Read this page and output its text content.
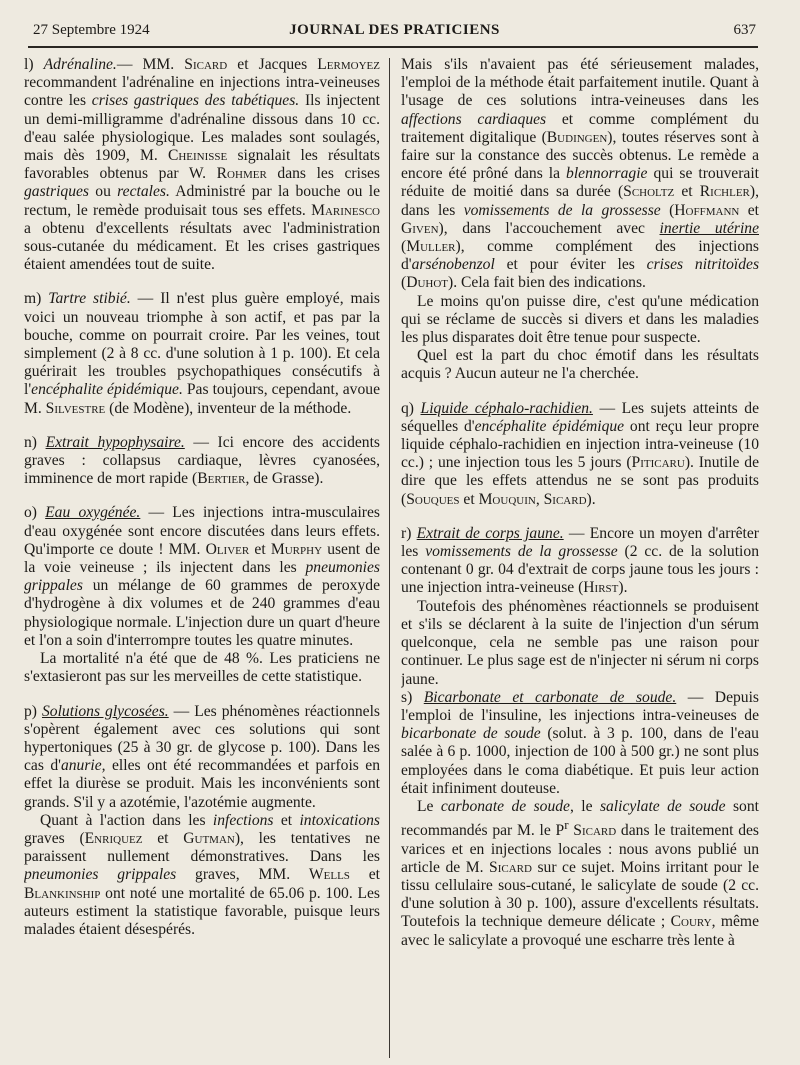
27 Septembre 1924	JOURNAL DES PRATICIENS	637

l) Adrénaline.— MM. Sicard et Jacques Lermoyez recommandent l'adrénaline en injections intra-veineuses contre les crises gastriques des tabétiques. Ils injectent un demi-milligramme d'adrénaline dissous dans 10 cc. d'eau salée physiologique. Les malades sont soulagés, mais dès 1909, M. Cheinisse signalait les résultats favorables obtenus par W. Rohmer dans les crises gastriques ou rectales. Administré par la bouche ou le rectum, le remède produisait tous ses effets. Marinesco a obtenu d'excellents résultats avec l'administration sous-cutanée du médicament. Et les crises gastriques étaient amendées tout de suite.

m) Tartre stibié. — Il n'est plus guère employé, mais voici un nouveau triomphe à son actif, et pas par la bouche, comme on pourrait croire. Par les veines, tout simplement (2 à 8 cc. d'une solution à 1 p. 100). Et cela guérirait les troubles psychopathiques consécutifs à l'encéphalite épidémique. Pas toujours, cependant, avoue M. Silvestre (de Modène), inventeur de la méthode.

n) Extrait hypophysaire. — Ici encore des accidents graves : collapsus cardiaque, lèvres cyanosées, imminence de mort rapide (Bertier, de Grasse).

o) Eau oxygénée. — Les injections intra-musculaires d'eau oxygénée sont encore discutées dans leurs effets. Qu'importe ce doute ! MM. Oliver et Murphy usent de la voie veineuse ; ils injectent dans les pneumonies grippales un mélange de 60 grammes de peroxyde d'hydrogène à dix volumes et de 240 grammes d'eau physiologique normale. L'injection dure un quart d'heure et l'on a soin d'interrompre toutes les quatre minutes.

La mortalité n'a été que de 48 %. Les praticiens ne s'extasieront pas sur les merveilles de cette statistique.

p) Solutions glycosées. — Les phénomènes réactionnels s'opèrent également avec ces solutions qui sont hypertoniques (25 à 30 gr. de glycose p. 100). Dans les cas d'anurie, elles ont été recommandées et parfois en effet la diurèse se produit. Mais les inconvénients sont grands. S'il y a azotémie, l'azotémie augmente.

Quant à l'action dans les infections et intoxications graves (Enriquez et Gutman), les tentatives ne paraissent nullement démonstratives. Dans les pneumonies grippales graves, MM. Wells et Blankinship ont noté une mortalité de 65.06 p. 100. Les auteurs estiment la statistique favorable, puisque leurs malades étaient désespérés.

Mais s'ils n'avaient pas été sérieusement malades, l'emploi de la méthode était parfaitement inutile. Quant à l'usage de ces solutions intra-veineuses dans les affections cardiaques et comme complément du traitement digitalique (Budingen), toutes réserves sont à faire sur la constance des succès obtenus. Le remède a encore été prôné dans la blennorragie qui se trouverait réduite de moitié dans sa durée (Scholtz et Richler), dans les vomissements de la grossesse (Hoffmann et Given), dans l'accouchement avec inertie utérine (Muller), comme complément des injections d'arsénobenzol et pour éviter les crises nitritoïdes (Duhot). Cela fait bien des indications.

Le moins qu'on puisse dire, c'est qu'une médication qui se réclame de succès si divers et dans les maladies les plus disparates doit être tenue pour suspecte.

Quel est la part du choc émotif dans les résultats acquis ? Aucun auteur ne l'a cherchée.

q) Liquide céphalo-rachidien. — Les sujets atteints de séquelles d'encéphalite épidémique ont reçu leur propre liquide céphalo-rachidien en injection intra-veineuse (10 cc.) ; une injection tous les 5 jours (Piticaru). Inutile de dire que les effets attendus ne se sont pas produits (Souques et Mouquin, Sicard).

r) Extrait de corps jaune. — Encore un moyen d'arrêter les vomissements de la grossesse (2 cc. de la solution contenant 0 gr. 04 d'extrait de corps jaune tous les jours : une injection intra-veineuse (Hirst).

Toutefois des phénomènes réactionnels se produisent et s'ils se déclarent à la suite de l'injection d'un sérum quelconque, cela ne semble pas une raison pour continuer. Le plus sage est de n'injecter ni sérum ni corps jaune.

s) Bicarbonate et carbonate de soude. — Depuis l'emploi de l'insuline, les injections intra-veineuses de bicarbonate de soude (solut. à 3 p. 100, dans de l'eau salée à 6 p. 1000, injection de 100 à 500 gr.) ne sont plus employées dans le coma diabétique. Et puis leur action était infiniment douteuse.

Le carbonate de soude, le salicylate de soude sont recommandés par M. le $P^r$ Sicard dans le traitement des varices et en injections locales : nous avons publié un article de M. Sicard sur ce sujet. Moins irritant pour le tissu cellulaire sous-cutané, le salicylate de soude (2 cc. d'une solution à 30 p. 100), assure d'excellents résultats. Toutefois la technique demeure délicate ; Coury, même avec le salicylate a provoqué une escharre très lente à
